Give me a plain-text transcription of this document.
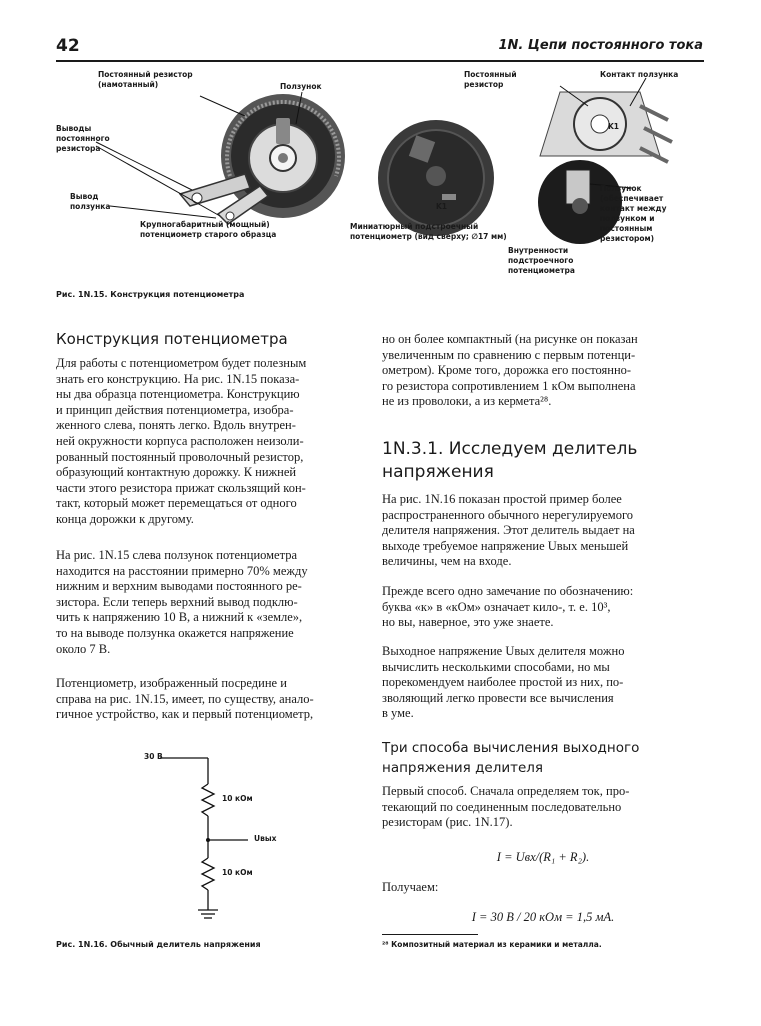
42	1N. Цепи постоянного тока
Постоянный резистор (намотанный)	Ползунок
Выводы постоянного резистора
Вывод ползунка
Крупногабаритный (мощный) потенциометр старого образца
Миниатюрный подстроечный потенциометр (вид сверху; ∅17 мм)
K1
Постоянный резистор
Контакт ползунка
Внутренности подстроечного потенциометра
Ползунок (обеспечивает контакт между ползунком и постоянным резистором)
K1
Рис. 1N.15. Конструкция потенциометра
Конструкция потенциометра
Для работы с потенциометром будет полезным
знать его конструкцию. На рис. 1N.15 показа-
ны два образца потенциометра. Конструкцию
и принцип действия потенциометра, изобра-
женного слева, понять легко. Вдоль внутрен-
ней окружности корпуса расположен неизоли-
рованный постоянный проволочный резистор,
образующий контактную дорожку. К нижней
части этого резистора прижат скользящий кон-
такт, который может перемещаться от одного
конца дорожки к другому.
На рис. 1N.15 слева ползунок потенциометра
находится на расстоянии примерно 70% между
нижним и верхним выводами постоянного ре-
зистора. Если теперь верхний вывод подклю-
чить к напряжению 10 В, а нижний к «земле»,
то на выводе ползунка окажется напряжение
около 7 В.
Потенциометр, изображенный посредине и
справа на рис. 1N.15, имеет, по существу, анало-
гичное устройство, как и первый потенциометр,
30 В
10 кОм
Uвых
10 кОм
Рис. 1N.16. Обычный делитель напряжения
но он более компактный (на рисунке он показан
увеличенным по сравнению с первым потенци-
ометром). Кроме того, дорожка его постоянно-
го резистора сопротивлением 1 кОм выполнена
не из проволоки, а из кермета²⁸.
1N.3.1. Исследуем делитель
напряжения
На рис. 1N.16 показан простой пример более
распространенного обычного нерегулируемого
делителя напряжения. Этот делитель выдает на
выходе требуемое напряжение Uвых меньшей
величины, чем на входе.
Прежде всего одно замечание по обозначению:
буква «к» в «кОм» означает кило-, т. е. 10³,
но вы, наверное, это уже знаете.
Выходное напряжение Uвых делителя можно
вычислить несколькими способами, но мы
порекомендуем наиболее простой из них, по-
зволяющий легко провести все вычисления
в уме.
Три способа вычисления выходного
напряжения делителя
Первый способ. Сначала определяем ток, про-
текающий по соединенным последовательно
резисторам (рис. 1N.17).
I = Uвх/(R₁ + R₂).
Получаем:
I = 30 В / 20 кОм = 1,5 мА.
²⁸ Композитный материал из керамики и металла.
